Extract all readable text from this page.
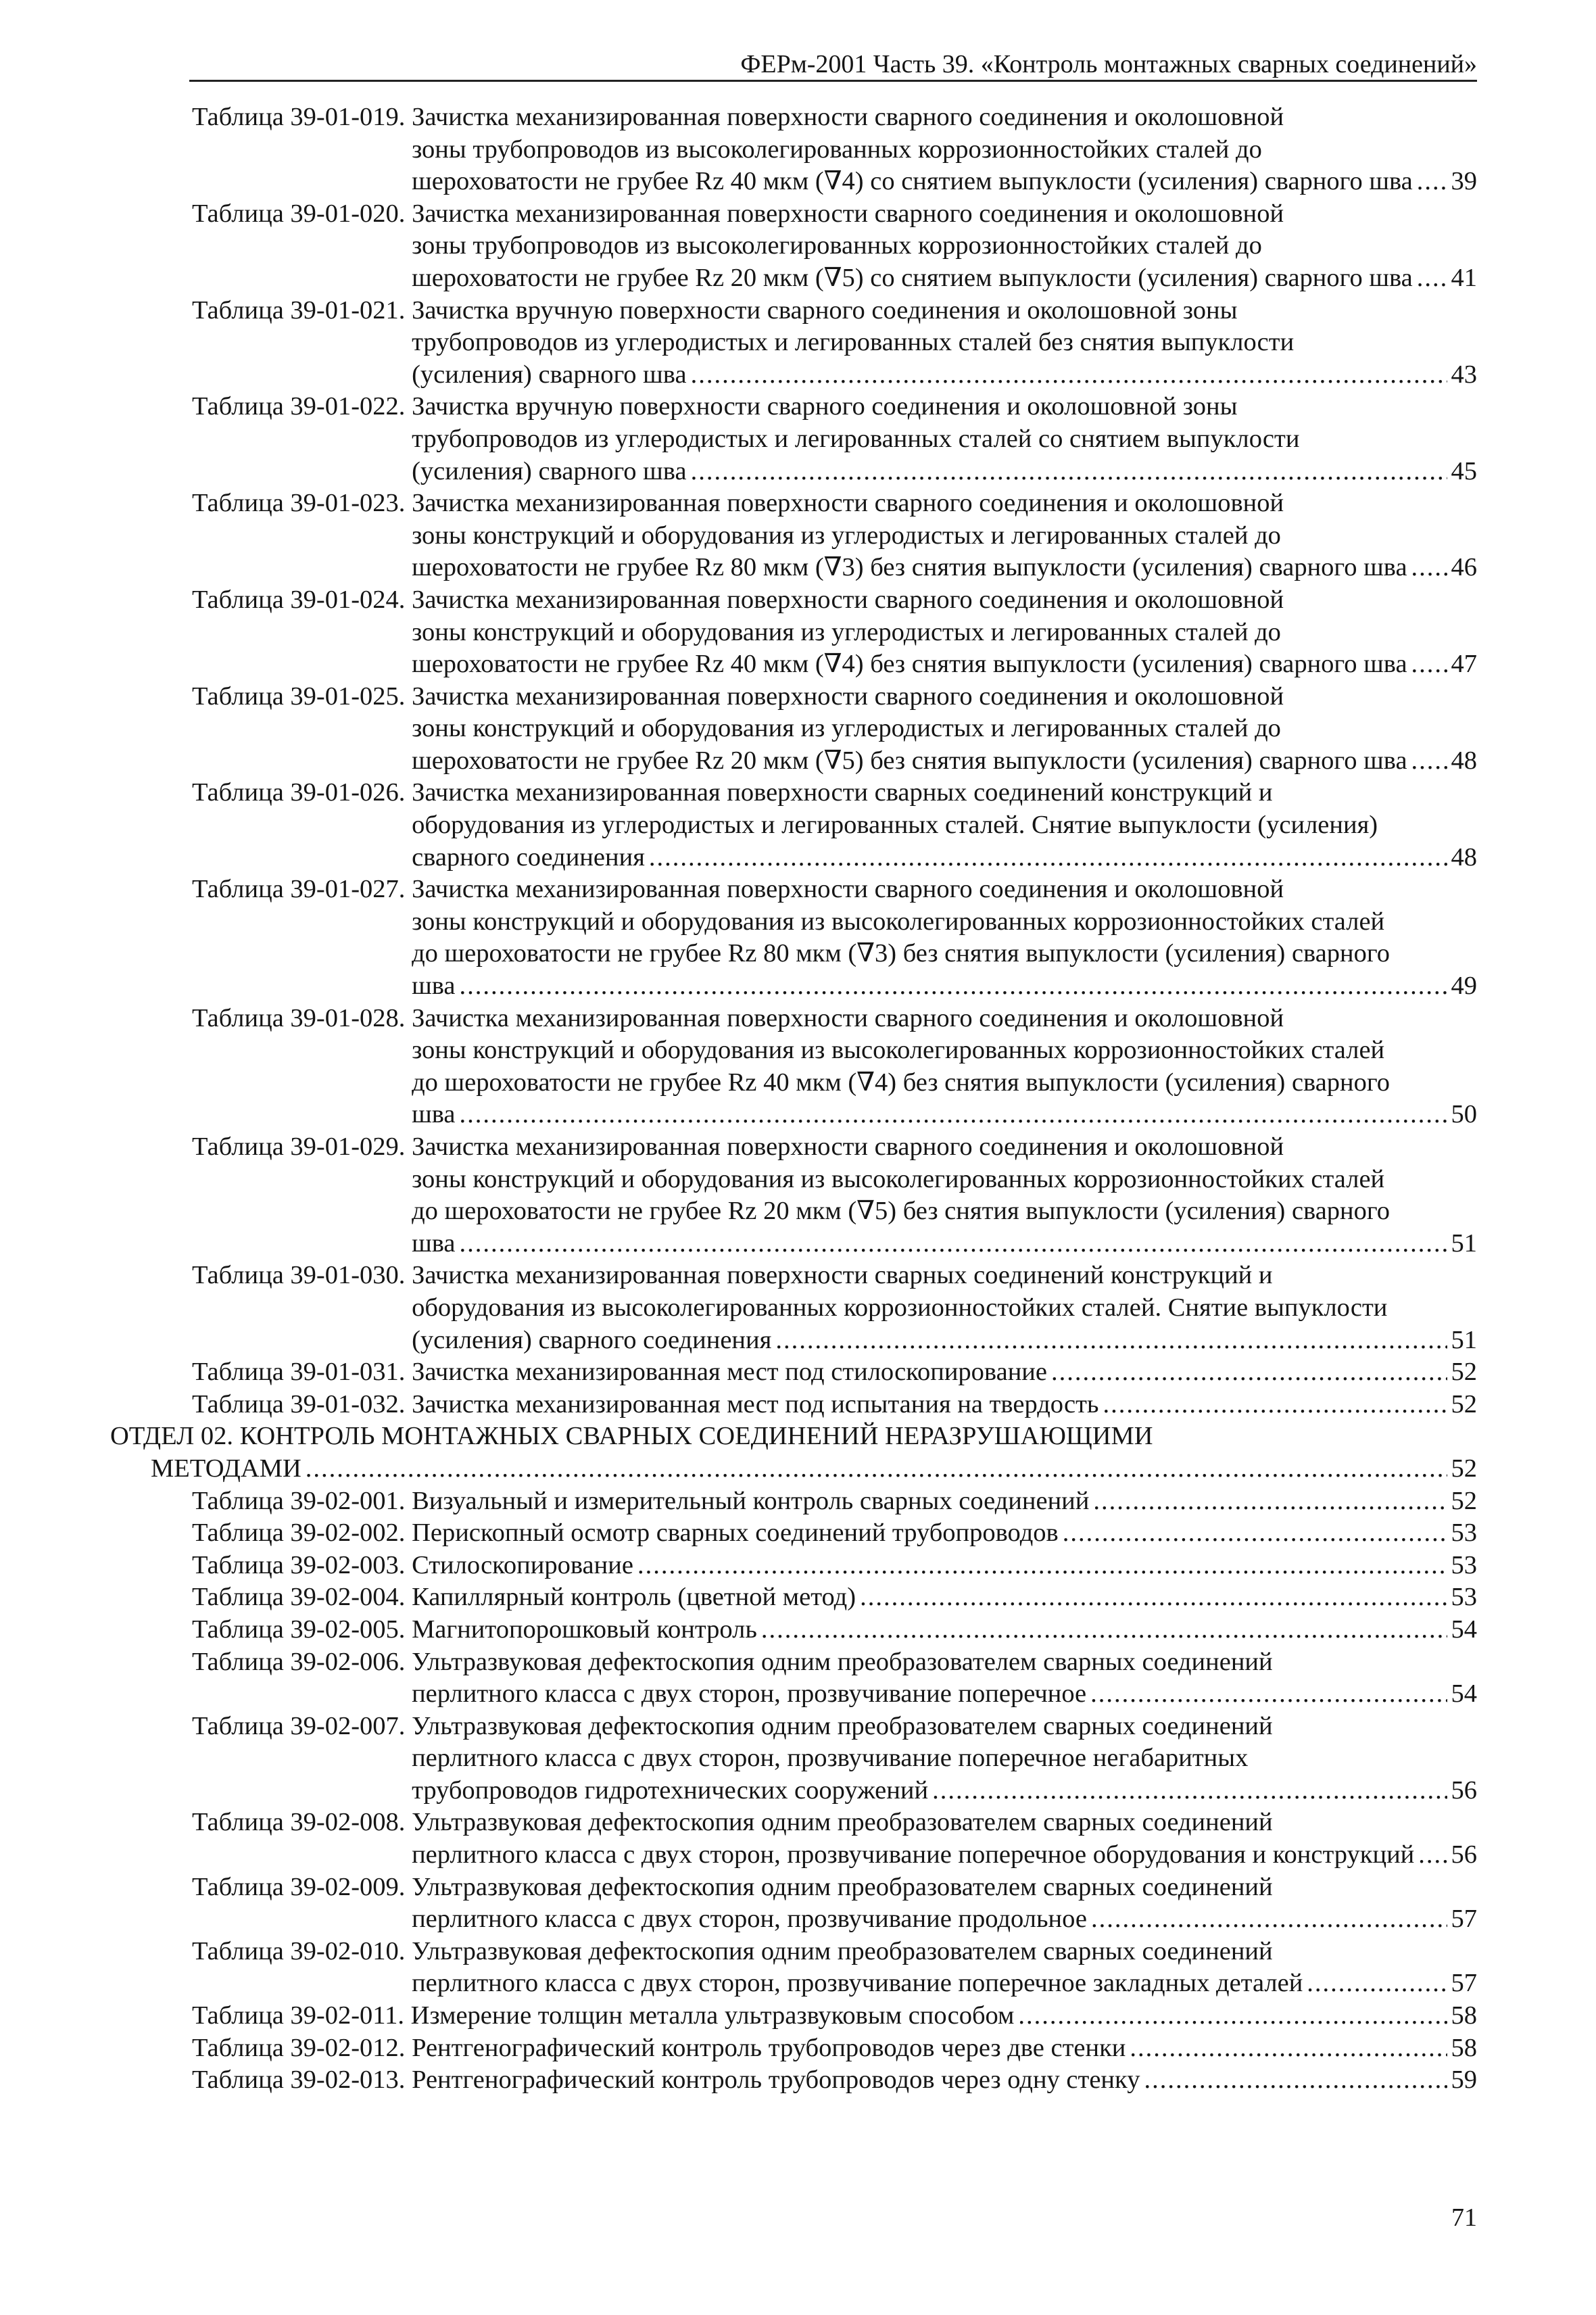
ФЕРм-2001 Часть 39. «Контроль монтажных сварных соединений»
Таблица 39-01-019.
Зачистка механизированная поверхности сварного соединения и околошовной
зоны трубопроводов из высоколегированных коррозионностойких сталей до
шероховатости не грубее Rz 40 мкм (∇4) со снятием выпуклости (усиления) сварного шва ..... 39
Таблица 39-01-020.
Зачистка механизированная поверхности сварного соединения и околошовной
зоны трубопроводов из высоколегированных коррозионностойких сталей до
шероховатости не грубее Rz 20 мкм (∇5) со снятием выпуклости (усиления) сварного шва ..... 41
Таблица 39-01-021.
Зачистка вручную поверхности сварного соединения и околошовной зоны
трубопроводов из углеродистых и легированных сталей без снятия выпуклости
(усиления) сварного шва .....	43
Таблица 39-01-022.
Зачистка вручную поверхности сварного соединения и околошовной зоны
трубопроводов из углеродистых и легированных сталей со снятием выпуклости
(усиления) сварного шва .....	45
Таблица 39-01-023.
Зачистка механизированная поверхности сварного соединения и околошовной
зоны конструкций и оборудования из углеродистых и легированных сталей до
шероховатости не грубее Rz 80 мкм (∇3) без снятия выпуклости (усиления) сварного шва ..... 46
Таблица 39-01-024.
Зачистка механизированная поверхности сварного соединения и околошовной
зоны конструкций и оборудования из углеродистых и легированных сталей до
шероховатости не грубее Rz 40 мкм (∇4) без снятия выпуклости (усиления) сварного шва ..... 47
Таблица 39-01-025.
Зачистка механизированная поверхности сварного соединения и околошовной
зоны конструкций и оборудования из углеродистых и легированных сталей до
шероховатости не грубее Rz 20 мкм (∇5) без снятия выпуклости (усиления) сварного шва ..... 48
Таблица 39-01-026.
Зачистка механизированная поверхности сварных соединений конструкций и
оборудования из углеродистых и легированных сталей. Снятие выпуклости (усиления)
сварного соединения .....	48
Таблица 39-01-027.
Зачистка механизированная поверхности сварного соединения и околошовной
зоны конструкций и оборудования из высоколегированных коррозионностойких сталей
до шероховатости не грубее Rz 80 мкм (∇3) без снятия выпуклости (усиления) сварного
шва .....	49
Таблица 39-01-028.
Зачистка механизированная поверхности сварного соединения и околошовной
зоны конструкций и оборудования из высоколегированных коррозионностойких сталей
до шероховатости не грубее Rz 40 мкм (∇4) без снятия выпуклости (усиления) сварного
шва .....	50
Таблица 39-01-029.
Зачистка механизированная поверхности сварного соединения и околошовной
зоны конструкций и оборудования из высоколегированных коррозионностойких сталей
до шероховатости не грубее Rz 20 мкм (∇5) без снятия выпуклости (усиления) сварного
шва .....	51
Таблица 39-01-030.
Зачистка механизированная поверхности сварных соединений конструкций и
оборудования из высоколегированных коррозионностойких сталей. Снятие выпуклости
(усиления) сварного соединения .....	51
Таблица 39-01-031.
Зачистка механизированная мест под стилоскопирование .....	52
Таблица 39-01-032.
Зачистка механизированная мест под испытания на твердость .....	52
ОТДЕЛ 02. КОНТРОЛЬ МОНТАЖНЫХ СВАРНЫХ СОЕДИНЕНИЙ НЕРАЗРУШАЮЩИМИ
МЕТОДАМИ .....	52
Таблица 39-02-001.
Визуальный и измерительный контроль сварных соединений .....	52
Таблица 39-02-002.
Перископный осмотр сварных соединений трубопроводов .....	53
Таблица 39-02-003.
Стилоскопирование .....	53
Таблица 39-02-004.
Капиллярный контроль (цветной метод) .....	53
Таблица 39-02-005.
Магнитопорошковый контроль .....	54
Таблица 39-02-006.
Ультразвуковая дефектоскопия одним преобразователем сварных соединений
перлитного класса с двух сторон, прозвучивание поперечное .....	54
Таблица 39-02-007.
Ультразвуковая дефектоскопия одним преобразователем сварных соединений
перлитного класса с двух сторон, прозвучивание поперечное негабаритных
трубопроводов гидротехнических сооружений .....	56
Таблица 39-02-008.
Ультразвуковая дефектоскопия одним преобразователем сварных соединений
перлитного класса с двух сторон, прозвучивание поперечное оборудования и конструкций ..... 56
Таблица 39-02-009.
Ультразвуковая дефектоскопия одним преобразователем сварных соединений
перлитного класса с двух сторон, прозвучивание продольное .....	57
Таблица 39-02-010.
Ультразвуковая дефектоскопия одним преобразователем сварных соединений
перлитного класса с двух сторон, прозвучивание поперечное закладных деталей .....	57
Таблица 39-02-011.
Измерение толщин металла ультразвуковым способом .....	58
Таблица 39-02-012.
Рентгенографический контроль трубопроводов через две стенки .....	58
Таблица 39-02-013.
Рентгенографический контроль трубопроводов через одну стенку .....	59
71
